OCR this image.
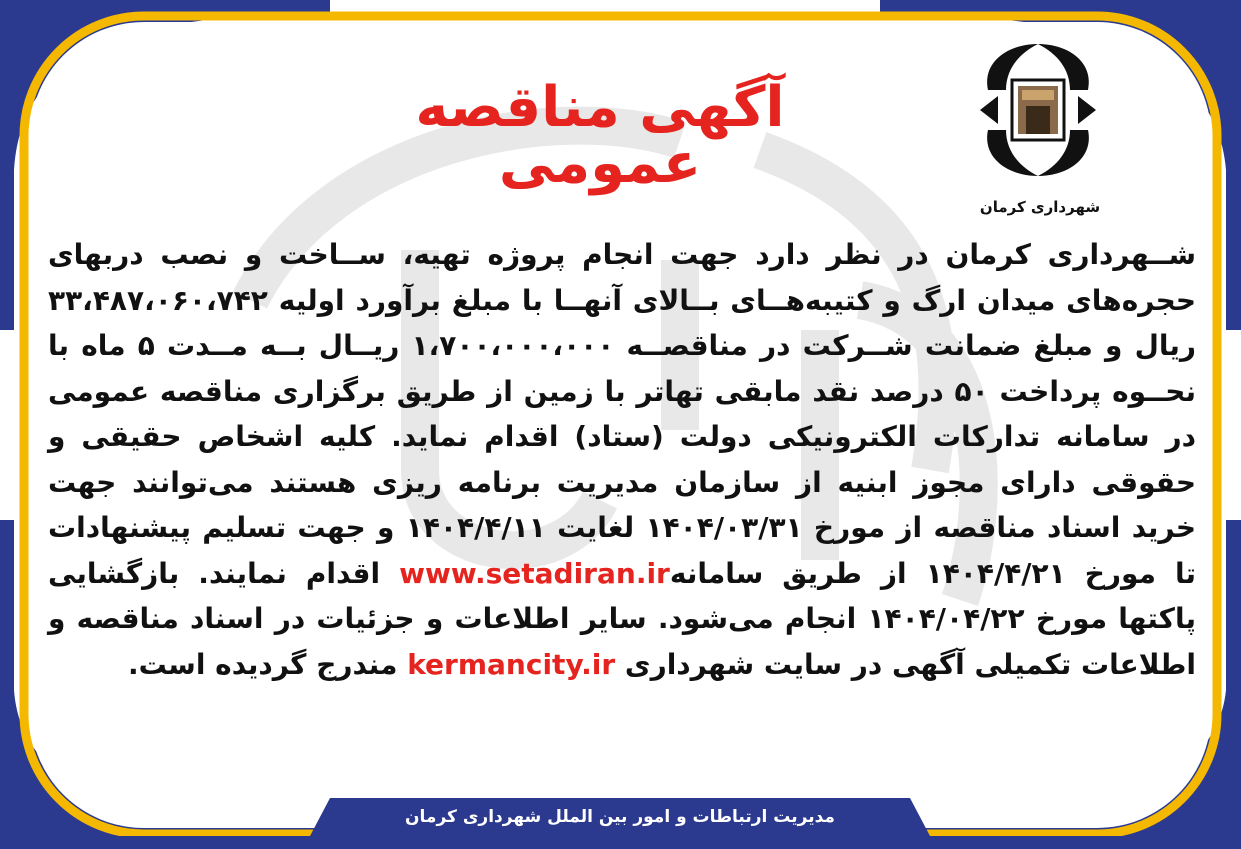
شهرداری کرمان
آگهی مناقصه عمومی
شــهرداری کرمان در نظر دارد جهت انجام پروژه تهیه، ســاخت و نصب دربهای حجره‌های میدان ارگ و کتیبه‌هــای بــالای آنهــا با مبلغ برآورد اولیه ۳۳،۴۸۷،۰۶۰،۷۴۲ ریال و مبلغ ضمانت شــرکت در مناقصــه ۱،۷۰۰،۰۰۰،۰۰۰ ریــال بــه مــدت ۵ ماه با نحــوه پرداخت ۵۰ درصد نقد مابقی تهاتر با زمین از طریق برگزاری مناقصه عمومی در سامانه تدارکات الکترونیکی دولت (ستاد) اقدام نماید. کلیه اشخاص حقیقی و حقوقی دارای مجوز ابنیه از سازمان مدیریت برنامه ریزی هستند می‌توانند جهت خرید اسناد مناقصه از مورخ ۱۴۰۴/۰۳/۳۱ لغایت ۱۴۰۴/۴/۱۱ و جهت تسلیم پیشنهادات تا مورخ ۱۴۰۴/۴/۲۱ از طریق سامانهwww.setadiran.ir اقدام نمایند. بازگشایی پاکتها مورخ ۱۴۰۴/۰۴/۲۲ انجام می‌شود. سایر اطلاعات و جزئیات در اسناد مناقصه و اطلاعات تکمیلی آگهی در سایت شهرداری kermancity.ir مندرج گردیده است.
مدیریت ارتباطات و امور بین الملل شهرداری کرمان
